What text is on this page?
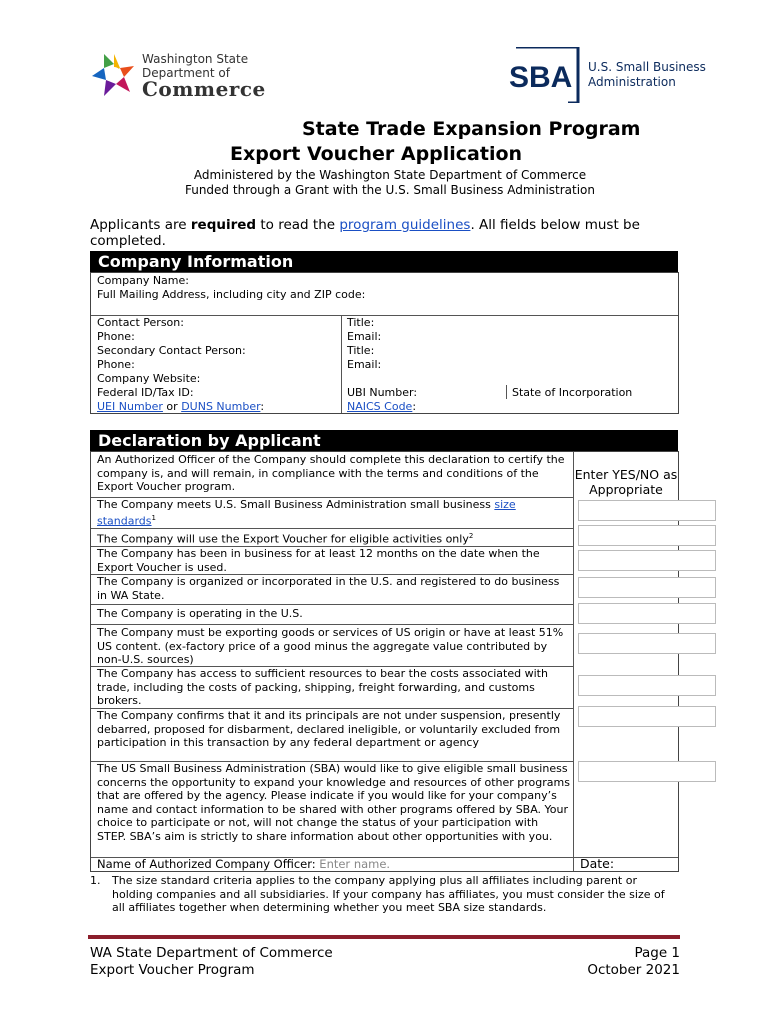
Washington State
Department of
Commerce	SBA U.S. Small Business
Administration
State Trade Expansion Program
Export Voucher Application
Administered by the Washington State Department of Commerce
Funded through a Grant with the U.S. Small Business Administration
Applicants are required to read the program guidelines. All fields below must be completed.
Company Information
Company Name:
Full Mailing Address, including city and ZIP code:
Contact Person:	Title:
Phone:	Email:
Secondary Contact Person:	Title:
Phone:	Email:
Company Website:
Federal ID/Tax ID:	UBI Number:	State of Incorporation
UEI Number or DUNS Number:	NAICS Code:
Declaration by Applicant
An Authorized Officer of the Company should complete this declaration to certify the company is, and will remain, in compliance with the terms and conditions of the Export Voucher program.
Enter YES/NO as Appropriate
The Company meets U.S. Small Business Administration small business size standards$^1$
The Company will use the Export Voucher for eligible activities only$^2$
The Company has been in business for at least 12 months on the date when the Export Voucher is used.
The Company is organized or incorporated in the U.S. and registered to do business in WA State.
The Company is operating in the U.S.
The Company must be exporting goods or services of US origin or have at least 51% US content. (ex-factory price of a good minus the aggregate value contributed by non-U.S. sources)
The Company has access to sufficient resources to bear the costs associated with trade, including the costs of packing, shipping, freight forwarding, and customs brokers.
The Company confirms that it and its principals are not under suspension, presently debarred, proposed for disbarment, declared ineligible, or voluntarily excluded from participation in this transaction by any federal department or agency
The US Small Business Administration (SBA) would like to give eligible small business concerns the opportunity to expand your knowledge and resources of other programs that are offered by the agency. Please indicate if you would like for your company’s name and contact information to be shared with other programs offered by SBA. Your choice to participate or not, will not change the status of your participation with STEP. SBA’s aim is strictly to share information about other opportunities with you.
Name of Authorized Company Officer: Enter name.	Date:
1. The size standard criteria applies to the company applying plus all affiliates including parent or holding companies and all subsidiaries. If your company has affiliates, you must consider the size of all affiliates together when determining whether you meet SBA size standards.
WA State Department of Commerce
Export Voucher Program
Page 1
October 2021
